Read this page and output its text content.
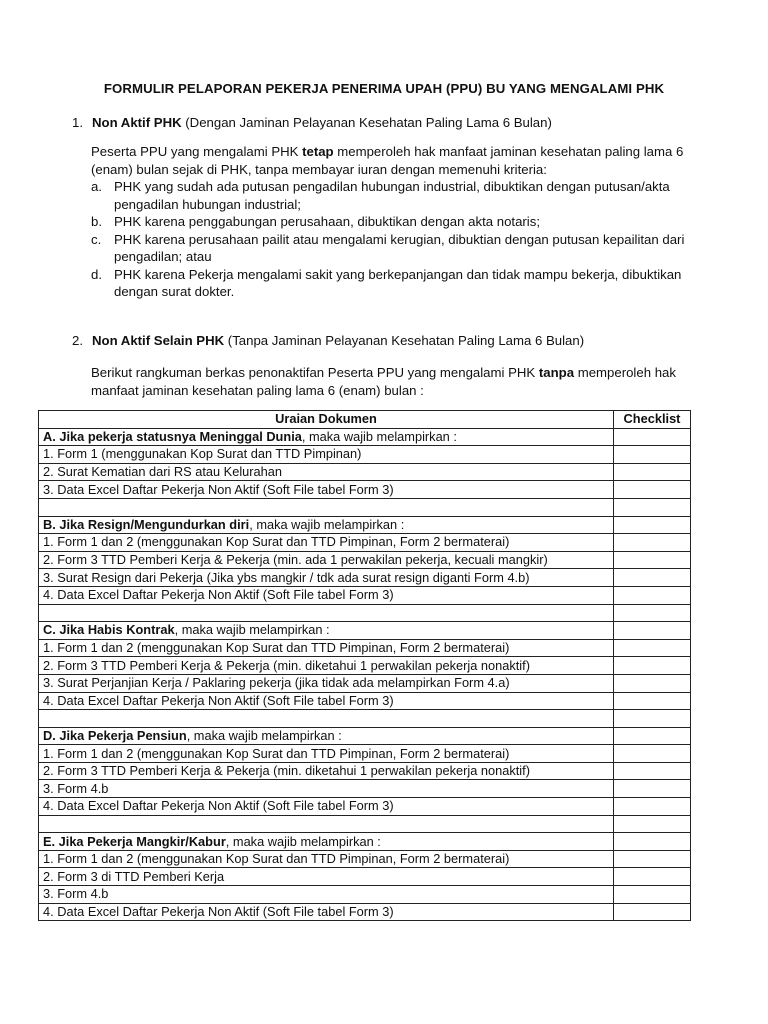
FORMULIR PELAPORAN PEKERJA PENERIMA UPAH (PPU) BU YANG MENGALAMI PHK
1. Non Aktif PHK (Dengan Jaminan Pelayanan Kesehatan Paling Lama 6 Bulan)
Peserta PPU yang mengalami PHK tetap memperoleh hak manfaat jaminan kesehatan paling lama 6 (enam) bulan sejak di PHK, tanpa membayar iuran dengan memenuhi kriteria:
a. PHK yang sudah ada putusan pengadilan hubungan industrial, dibuktikan dengan putusan/akta pengadilan hubungan industrial;
b. PHK karena penggabungan perusahaan, dibuktikan dengan akta notaris;
c. PHK karena perusahaan pailit atau mengalami kerugian, dibuktian dengan putusan kepailitan dari pengadilan; atau
d. PHK karena Pekerja mengalami sakit yang berkepanjangan dan tidak mampu bekerja, dibuktikan dengan surat dokter.
2. Non Aktif Selain PHK (Tanpa Jaminan Pelayanan Kesehatan Paling Lama 6 Bulan)
Berikut rangkuman berkas penonaktifan Peserta PPU yang mengalami PHK tanpa memperoleh hak manfaat jaminan kesehatan paling lama 6 (enam) bulan :
Uraian Dokumen	Checklist
A. Jika pekerja statusnya Meninggal Dunia, maka wajib melampirkan :	
1. Form 1 (menggunakan Kop Surat dan TTD Pimpinan)	
2. Surat Kematian dari RS atau Kelurahan	
3. Data Excel Daftar Pekerja Non Aktif (Soft File tabel Form 3)	

B. Jika Resign/Mengundurkan diri, maka wajib melampirkan :	
1. Form 1 dan 2 (menggunakan Kop Surat dan TTD Pimpinan, Form 2 bermaterai)	
2. Form 3 TTD Pemberi Kerja & Pekerja (min. ada 1 perwakilan pekerja, kecuali mangkir)	
3. Surat Resign dari Pekerja (Jika ybs mangkir / tdk ada surat resign diganti Form 4.b)	
4. Data Excel Daftar Pekerja Non Aktif (Soft File tabel Form 3)	

C. Jika Habis Kontrak, maka wajib melampirkan :	
1. Form 1 dan 2 (menggunakan Kop Surat dan TTD Pimpinan, Form 2 bermaterai)	
2. Form 3 TTD Pemberi Kerja & Pekerja (min. diketahui 1 perwakilan pekerja nonaktif)	
3. Surat Perjanjian Kerja / Paklaring pekerja (jika tidak ada melampirkan Form 4.a)	
4. Data Excel Daftar Pekerja Non Aktif (Soft File tabel Form 3)	

D. Jika Pekerja Pensiun, maka wajib melampirkan :	
1. Form 1 dan 2 (menggunakan Kop Surat dan TTD Pimpinan, Form 2 bermaterai)	
2. Form 3 TTD Pemberi Kerja & Pekerja (min. diketahui 1 perwakilan pekerja nonaktif)	
3. Form 4.b	
4. Data Excel Daftar Pekerja Non Aktif (Soft File tabel Form 3)	

E. Jika Pekerja Mangkir/Kabur, maka wajib melampirkan :	
1. Form 1 dan 2 (menggunakan Kop Surat dan TTD Pimpinan, Form 2 bermaterai)	
2. Form 3 di TTD Pemberi Kerja	
3. Form 4.b	
4. Data Excel Daftar Pekerja Non Aktif (Soft File tabel Form 3)	
